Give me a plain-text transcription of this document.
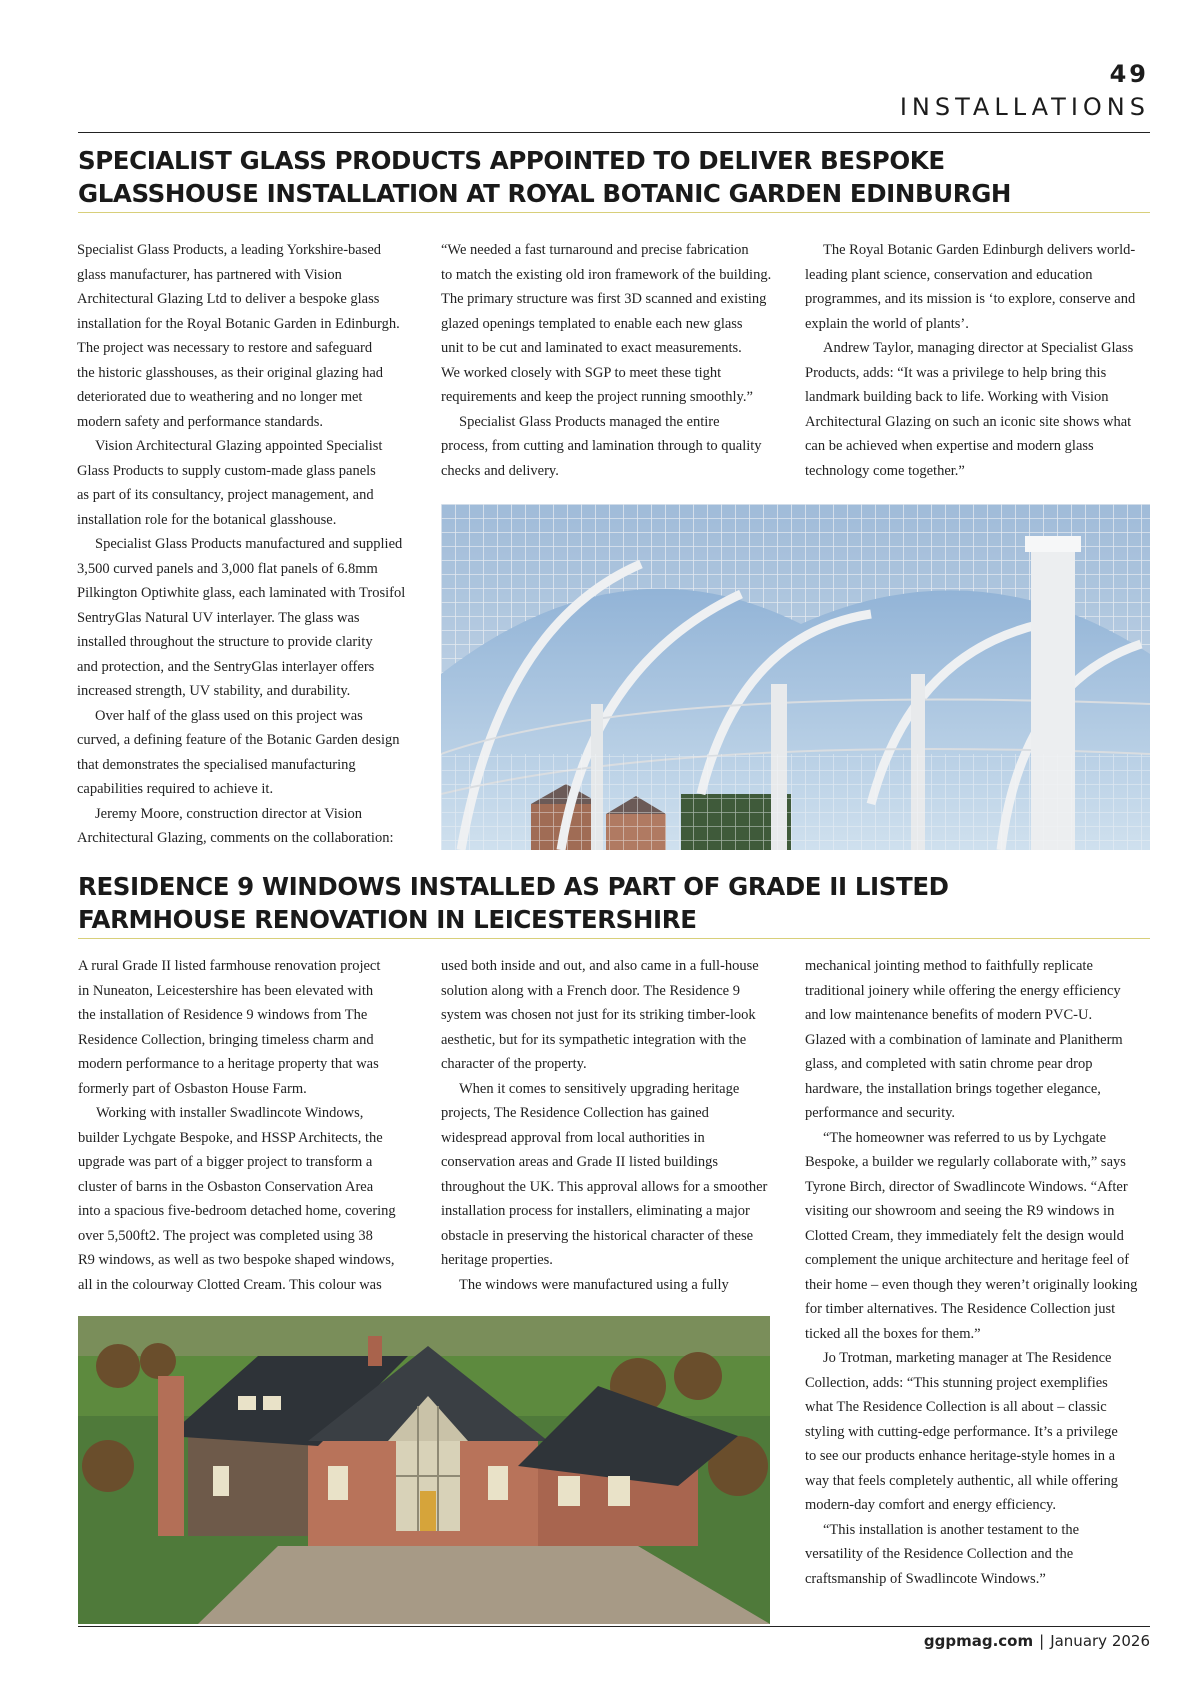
49
INSTALLATIONS
SPECIALIST GLASS PRODUCTS APPOINTED TO DELIVER BESPOKE
GLASSHOUSE INSTALLATION AT ROYAL BOTANIC GARDEN EDINBURGH

Specialist Glass Products, a leading Yorkshire-based

glass manufacturer, has partnered with Vision

Architectural Glazing Ltd to deliver a bespoke glass

installation for the Royal Botanic Garden in Edinburgh.

The project was necessary to restore and safeguard

the historic glasshouses, as their original glazing had

deteriorated due to weathering and no longer met

modern safety and performance standards.

Vision Architectural Glazing appointed Specialist

Glass Products to supply custom-made glass panels

as part of its consultancy, project management, and

installation role for the botanical glasshouse.

Specialist Glass Products manufactured and supplied

3,500 curved panels and 3,000 flat panels of 6.8mm

Pilkington Optiwhite glass, each laminated with Trosifol

SentryGlas Natural UV interlayer. The glass was

installed throughout the structure to provide clarity

and protection, and the SentryGlas interlayer offers

increased strength, UV stability, and durability.

Over half of the glass used on this project was

curved, a defining feature of the Botanic Garden design

that demonstrates the specialised manufacturing

capabilities required to achieve it.

Jeremy Moore, construction director at Vision

Architectural Glazing, comments on the collaboration:

“We needed a fast turnaround and precise fabrication

to match the existing old iron framework of the building.

The primary structure was first 3D scanned and existing

glazed openings templated to enable each new glass

unit to be cut and laminated to exact measurements.

We worked closely with SGP to meet these tight

requirements and keep the project running smoothly.”

Specialist Glass Products managed the entire

process, from cutting and lamination through to quality

checks and delivery.

The Royal Botanic Garden Edinburgh delivers world-

leading plant science, conservation and education

programmes, and its mission is ‘to explore, conserve and

explain the world of plants’.

Andrew Taylor, managing director at Specialist Glass

Products, adds: “It was a privilege to help bring this

landmark building back to life. Working with Vision

Architectural Glazing on such an iconic site shows what

can be achieved when expertise and modern glass

technology come together.”

RESIDENCE 9 WINDOWS INSTALLED AS PART OF GRADE II LISTED
FARMHOUSE RENOVATION IN LEICESTERSHIRE

A rural Grade II listed farmhouse renovation project

in Nuneaton, Leicestershire has been elevated with

the installation of Residence 9 windows from The

Residence Collection, bringing timeless charm and

modern performance to a heritage property that was

formerly part of Osbaston House Farm.

Working with installer Swadlincote Windows,

builder Lychgate Bespoke, and HSSP Architects, the

upgrade was part of a bigger project to transform a

cluster of barns in the Osbaston Conservation Area

into a spacious five-bedroom detached home, covering

over 5,500ft2. The project was completed using 38

R9 windows, as well as two bespoke shaped windows,

all in the colourway Clotted Cream. This colour was

used both inside and out, and also came in a full-house

solution along with a French door. The Residence 9

system was chosen not just for its striking timber-look

aesthetic, but for its sympathetic integration with the

character of the property.

When it comes to sensitively upgrading heritage

projects, The Residence Collection has gained

widespread approval from local authorities in

conservation areas and Grade II listed buildings

throughout the UK. This approval allows for a smoother

installation process for installers, eliminating a major

obstacle in preserving the historical character of these

heritage properties.

The windows were manufactured using a fully

mechanical jointing method to faithfully replicate

traditional joinery while offering the energy efficiency

and low maintenance benefits of modern PVC-U.

Glazed with a combination of laminate and Planitherm

glass, and completed with satin chrome pear drop

hardware, the installation brings together elegance,

performance and security.

“The homeowner was referred to us by Lychgate

Bespoke, a builder we regularly collaborate with,” says

Tyrone Birch, director of Swadlincote Windows. “After

visiting our showroom and seeing the R9 windows in

Clotted Cream, they immediately felt the design would

complement the unique architecture and heritage feel of

their home – even though they weren’t originally looking

for timber alternatives. The Residence Collection just

ticked all the boxes for them.”

Jo Trotman, marketing manager at The Residence

Collection, adds: “This stunning project exemplifies

what The Residence Collection is all about – classic

styling with cutting-edge performance. It’s a privilege

to see our products enhance heritage-style homes in a

way that feels completely authentic, all while offering

modern-day comfort and energy efficiency.

“This installation is another testament to the

versatility of the Residence Collection and the

craftsmanship of Swadlincote Windows.”

ggpmag.com | January 2026
